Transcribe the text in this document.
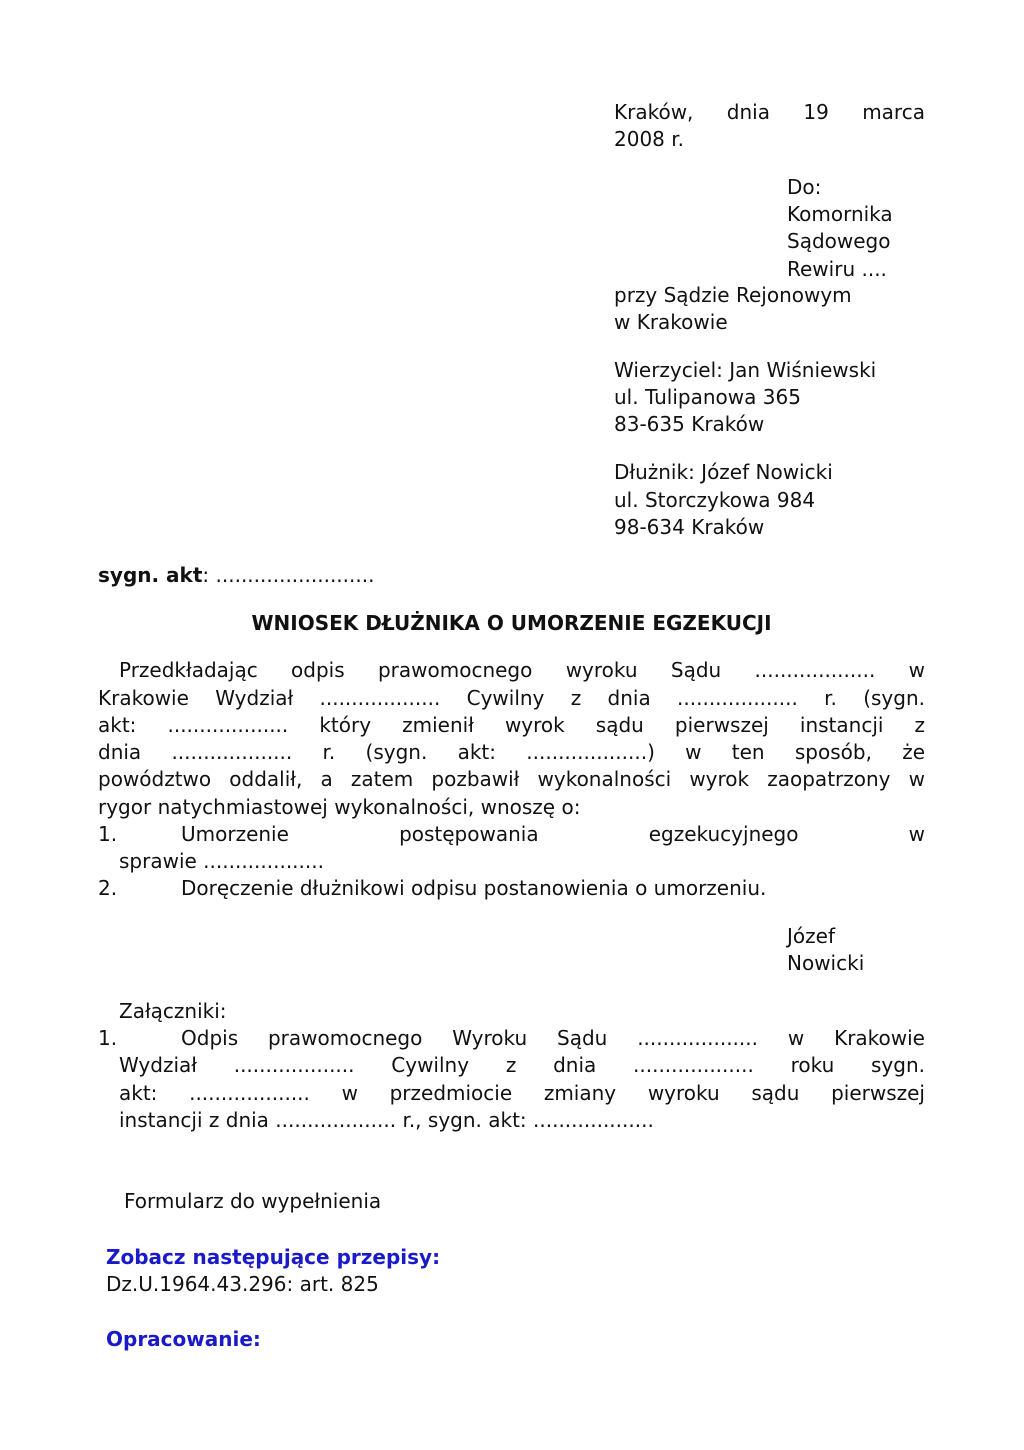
Kraków, dnia 19 marca
2008 r.
Do:
Komornika
Sądowego
Rewiru ....
przy Sądzie Rejonowym
w Krakowie
Wierzyciel: Jan Wiśniewski
ul. Tulipanowa 365
83-635 Kraków
Dłużnik: Józef Nowicki
ul. Storczykowa 984
98-634 Kraków
sygn. akt: .........................
WNIOSEK DŁUŻNIKA O UMORZENIE EGZEKUCJI
Przedkładając odpis prawomocnego wyroku Sądu ................... w
Krakowie Wydział ................... Cywilny z dnia ................... r. (sygn.
akt: ................... który zmienił wyrok sądu pierwszej instancji z
dnia ................... r. (sygn. akt: ...................) w ten sposób, że
powództwo oddalił, a zatem pozbawił wykonalności wyrok zaopatrzony w
rygor natychmiastowej wykonalności, wnoszę o:
1.	Umorzenie	postępowania	egzekucyjnego	w
sprawie ...................
2.	Doręczenie dłużnikowi odpisu postanowienia o umorzeniu.
Józef
Nowicki
Załączniki:
1.	Odpis prawomocnego Wyroku Sądu ................... w Krakowie
Wydział ................... Cywilny z dnia ................... roku sygn.
akt: ................... w przedmiocie zmiany wyroku sądu pierwszej
instancji z dnia ................... r., sygn. akt: ...................
Formularz do wypełnienia
Zobacz następujące przepisy:
Dz.U.1964.43.296: art. 825
Opracowanie:
